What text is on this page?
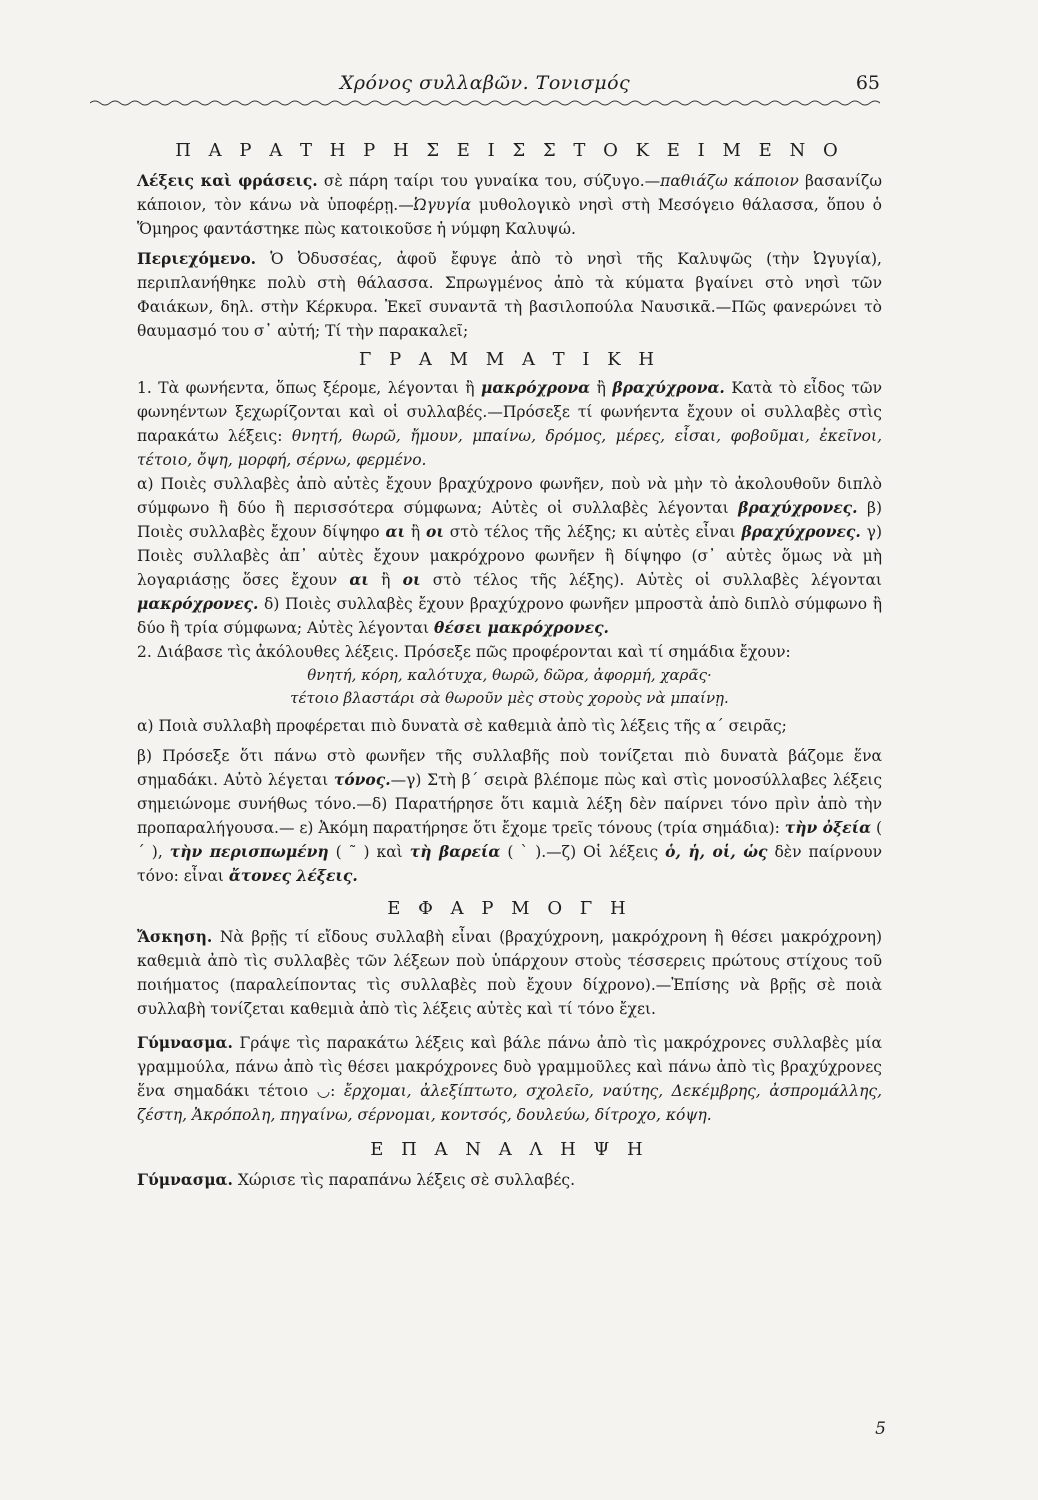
Χρόνος συλλαβῶν. Τονισμός	65
Π Α Ρ Α Τ Η Ρ Η Σ Ε Ι Σ Σ Τ Ο Κ Ε Ι Μ Ε Ν Ο

Λέξεις καὶ φράσεις. σὲ πάρη ταίρι του γυναίκα του, σύζυγο.—παθιάζω κάποιον βασανίζω κάποιον, τὸν κάνω νὰ ὑποφέρῃ.—Ὠγυγία μυθολογικὸ νησὶ στὴ Μεσόγειο θάλασσα, ὅπου ὁ Ὅμηρος φαντάστηκε πὼς κατοικοῦσε ἡ νύμφη Καλυψώ.

Περιεχόμενο. Ὁ Ὀδυσσέας, ἀφοῦ ἔφυγε ἀπὸ τὸ νησὶ τῆς Καλυψῶς (τὴν Ὠγυγία), περιπλανήθηκε πολὺ στὴ θάλασσα. Σπρωγμένος ἀπὸ τὰ κύματα βγαίνει στὸ νησὶ τῶν Φαιάκων, δηλ. στὴν Κέρκυρα. Ἐκεῖ συναντᾶ τὴ βασιλοπούλα Ναυσικᾶ.—Πῶς φανερώνει τὸ θαυμασμό του σ᾽ αὐτή; Τί τὴν παρακαλεῖ;

Γ Ρ Α Μ Μ Α Τ Ι Κ Η

1. Τὰ φωνήεντα, ὅπως ξέρομε, λέγονται ἢ μακρόχρονα ἢ βραχύχρονα. Κατὰ τὸ εἶδος τῶν φωνηέντων ξεχωρίζονται καὶ οἱ συλλαβές.—Πρόσεξε τί φωνήεντα ἔχουν οἱ συλλαβὲς στὶς παρακάτω λέξεις: θνητή, θωρῶ, ἤμουν, μπαίνω, δρόμος, μέρες, εἶσαι, φοβοῦμαι, ἐκεῖνοι, τέτοιο, ὄψη, μορφή, σέρνω, φερμένο.

α) Ποιὲς συλλαβὲς ἀπὸ αὐτὲς ἔχουν βραχύχρονο φωνῆεν, ποὺ νὰ μὴν τὸ ἀκολουθοῦν διπλὸ σύμφωνο ἢ δύο ἢ περισσότερα σύμφωνα; Αὐτὲς οἱ συλλαβὲς λέγονται βραχύχρονες. β) Ποιὲς συλλαβὲς ἔχουν δίψηφο αι ἢ οι στὸ τέλος τῆς λέξης; κι αὐτὲς εἶναι βραχύχρονες. γ) Ποιὲς συλλαβὲς ἀπ᾽ αὐτὲς ἔχουν μακρόχρονο φωνῆεν ἢ δίψηφο (σ᾽ αὐτὲς ὅμως νὰ μὴ λογαριάσῃς ὅσες ἔχουν αι ἢ οι στὸ τέλος τῆς λέξης). Αὐτὲς οἱ συλλαβὲς λέγονται μακρόχρονες. δ) Ποιὲς συλλαβὲς ἔχουν βραχύχρονο φωνῆεν μπροστὰ ἀπὸ διπλὸ σύμφωνο ἢ δύο ἢ τρία σύμφωνα; Αὐτὲς λέγονται θέσει μακρόχρονες.

2. Διάβασε τὶς ἀκόλουθες λέξεις. Πρόσεξε πῶς προφέρονται καὶ τί σημάδια ἔχουν:

θνητή, κόρη, καλότυχα, θωρῶ, δῶρα, ἀφορμή, χαρᾶς·
τέτοιο βλαστάρι σὰ θωροῦν μὲς στοὺς χοροὺς νὰ μπαίνῃ.

α) Ποιὰ συλλαβὴ προφέρεται πιὸ δυνατὰ σὲ καθεμιὰ ἀπὸ τὶς λέξεις τῆς α΄ σειρᾶς;

β) Πρόσεξε ὅτι πάνω στὸ φωνῆεν τῆς συλλαβῆς ποὺ τονίζεται πιὸ δυνατὰ βάζομε ἕνα σημαδάκι. Αὐτὸ λέγεται τόνος.—γ) Στὴ β΄ σειρὰ βλέπομε πὼς καὶ στὶς μονοσύλλαβες λέξεις σημειώνομε συνήθως τόνο.—δ) Παρατήρησε ὅτι καμιὰ λέξη δὲν παίρνει τόνο πρὶν ἀπὸ τὴν προπαραλήγουσα.— ε) Ἀκόμη παρατήρησε ὅτι ἔχομε τρεῖς τόνους (τρία σημάδια): τὴν ὀξεία ( ´ ), τὴν περισπωμένη ( ῀ ) καὶ τὴ βαρεία ( ` ).—ζ) Οἱ λέξεις ὁ, ἡ, οἱ, ὡς δὲν παίρνουν τόνο: εἶναι ἄτονες λέξεις.

Ε Φ Α Ρ Μ Ο Γ Η

Ἄσκηση. Νὰ βρῇς τί εἴδους συλλαβὴ εἶναι (βραχύχρονη, μακρόχρονη ἢ θέσει μακρόχρονη) καθεμιὰ ἀπὸ τὶς συλλαβὲς τῶν λέξεων ποὺ ὑπάρχουν στοὺς τέσσερεις πρώτους στίχους τοῦ ποιήματος (παραλείποντας τὶς συλλαβὲς ποὺ ἔχουν δίχρονο).—Ἐπίσης νὰ βρῇς σὲ ποιὰ συλλαβὴ τονίζεται καθεμιὰ ἀπὸ τὶς λέξεις αὐτὲς καὶ τί τόνο ἔχει.

Γύμνασμα. Γράψε τὶς παρακάτω λέξεις καὶ βάλε πάνω ἀπὸ τὶς μακρόχρονες συλλαβὲς μία γραμμούλα, πάνω ἀπὸ τὶς θέσει μακρόχρονες δυὸ γραμμοῦλες καὶ πάνω ἀπὸ τὶς βραχύχρονες ἕνα σημαδάκι τέτοιο ◡: ἔρχομαι, ἀλεξίπτωτο, σχολεῖο, ναύτης, Δεκέμβρης, ἀσπρομάλλης, ζέστη, Ἀκρόπολη, πηγαίνω, σέρνομαι, κοντσός, δουλεύω, δίτροχο, κόψη.

Ε Π Α Ν Α Λ Η Ψ Η

Γύμνασμα. Χώρισε τὶς παραπάνω λέξεις σὲ συλλαβές.

5
